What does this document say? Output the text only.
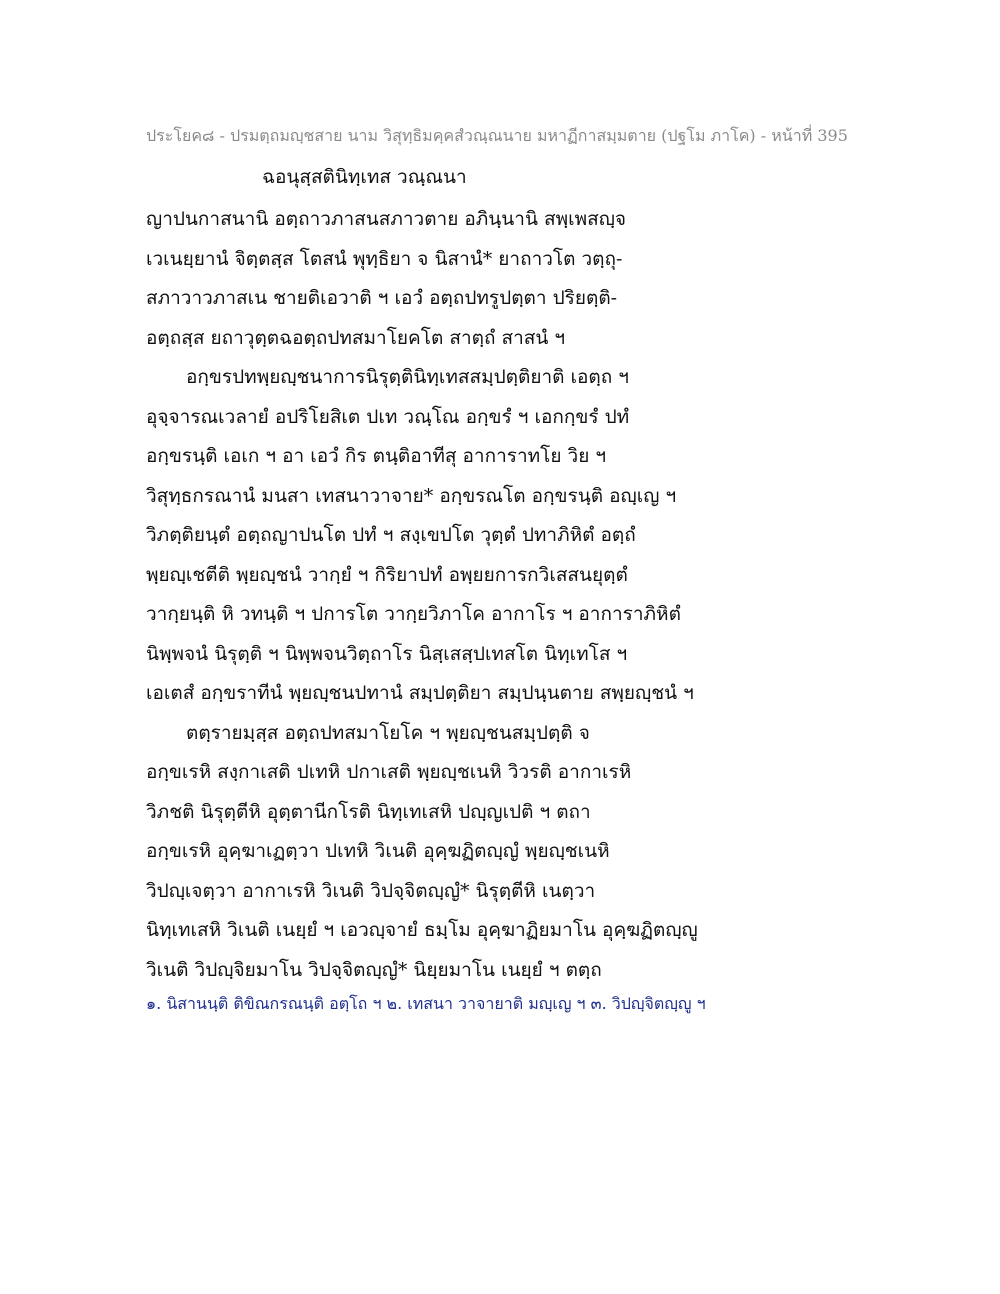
ประโยค๘ - ปรมตฺถมญฺชสาย นาม วิสุทฺธิมคฺคสํวณฺณนาย มหาฏีกาสมฺมตาย (ปฐโม ภาโค) - หน้าที่ 395
ฉอนุสฺสตินิทฺเทส วณฺณนา
ญาปนกาสนานิ อตฺถาวภาสนสภาวตาย อภินฺนานิ สพฺเพสญฺจ
เวเนยฺยานํ จิตฺตสฺส โตสนํ พุทฺธิยา จ นิสานํ* ยาถาวโต วตฺถุ-
สภาวาวภาสเน ชายติเอวาติ ฯ เอวํ อตฺถปทรูปตฺตา ปริยตฺติ-
อตฺถสฺส ยถาวุตฺตฉอตฺถปทสมาโยคโต สาตฺถํ สาสนํ ฯ
อกฺขรปทพฺยญฺชนาการนิรุตฺตินิทฺเทสสมฺปตฺติยาติ เอตฺถ ฯ
อุจฺจารณเวลายํ อปริโยสิเต ปเท วณฺโณ อกฺขรํ ฯ เอกกฺขรํ ปทํ
อกฺขรนฺติ เอเก ฯ อา เอวํ กิร ตนฺติอาทีสุ อาการาทโย วิย ฯ
วิสุทฺธกรณานํ มนสา เทสนาวาจาย* อกฺขรณโต อกฺขรนฺติ อญฺเญ ฯ
วิภตฺติยนฺตํ อตฺถญาปนโต ปทํ ฯ สงฺเขปโต วุตฺตํ ปทาภิหิตํ อตฺถํ
พฺยญฺเชตีติ พฺยญฺชนํ วากฺยํ ฯ กิริยาปทํ อพฺยยการกวิเสสนยุตฺตํ
วากฺยนฺติ หิ วทนฺติ ฯ ปการโต วากฺยวิภาโค อากาโร ฯ อาการาภิหิตํ
นิพฺพจนํ นิรุตฺติ ฯ นิพฺพจนวิตฺถาโร นิสฺเสสฺปเทสโต นิทฺเทโส ฯ
เอเตสํ อกฺขราทีนํ พฺยญฺชนปทานํ สมฺปตฺติยา สมฺปนฺนตาย สพฺยญฺชนํ ฯ
ตตฺรายมฺสฺส อตฺถปทสมาโยโค ฯ พฺยญฺชนสมฺปตฺติ จ
อกฺขเรหิ สงฺกาเสติ ปเทหิ ปกาเสติ พฺยญฺชเนหิ วิวรติ อากาเรหิ
วิภชติ นิรุตฺตีหิ อุตฺตานีกโรติ นิทฺเทเสหิ ปญฺญเปติ ฯ ตถา
อกฺขเรหิ อุคฺฆาเฏตฺวา ปเทหิ วิเนติ อุคฺฆฏิตญฺญํ พฺยญฺชเนหิ
วิปญฺเจตฺวา อากาเรหิ วิเนติ วิปจฺจิตญฺญํ* นิรุตฺตีหิ เนตฺวา
นิทฺเทเสหิ วิเนติ เนยฺยํ ฯ เอวญฺจายํ ธมฺโม อุคฺฆาฏิยมาโน อุคฺฆฏิตญฺญู
วิเนติ วิปญฺจิยมาโน วิปจฺจิตญฺญํ* นิยฺยมาโน เนยฺยํ ฯ ตตฺถ
๑. นิสานนฺติ ติขิณกรณนฺติ อตฺโถ ฯ ๒. เทสนา วาจายาติ มญฺเญ ฯ ๓. วิปญฺจิตญฺญู ฯ
